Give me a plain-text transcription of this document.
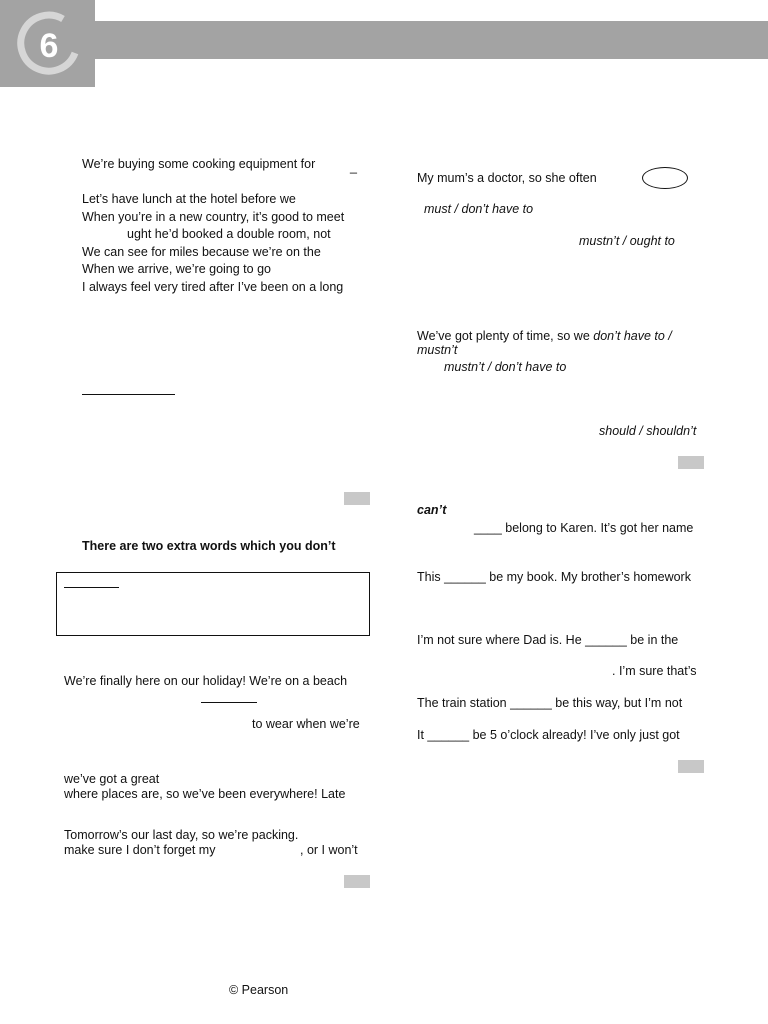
6
We’re buying some cooking equipment for	_
Let’s have lunch at the hotel before we
When you’re in a new country, it’s good to meet
ught he’d booked a double room, not
We can see for miles because we’re on the
When we arrive, we’re going to go
I always feel very tired after I’ve been on a long
There are two extra words which you don’t
We’re finally here on our holiday! We’re on a beach
to wear when we’re
we’ve got a great
where places are, so we’ve been everywhere! Late
Tomorrow’s our last day, so we’re packing.
make sure I don’t forget my	, or I won’t
My mum’s a doctor, so she often
must / don’t have to
mustn’t / ought to
We’ve got plenty of time, so we don’t have to /
mustn’t
mustn’t / don’t have to
should / shouldn’t
can’t
____ belong to Karen. It’s got her name
This ______ be my book. My brother’s homework
I’m not sure where Dad is. He ______ be in the
. I’m sure that’s
The train station ______ be this way, but I’m not
It ______ be 5 o’clock already! I’ve only just got
© Pearson
